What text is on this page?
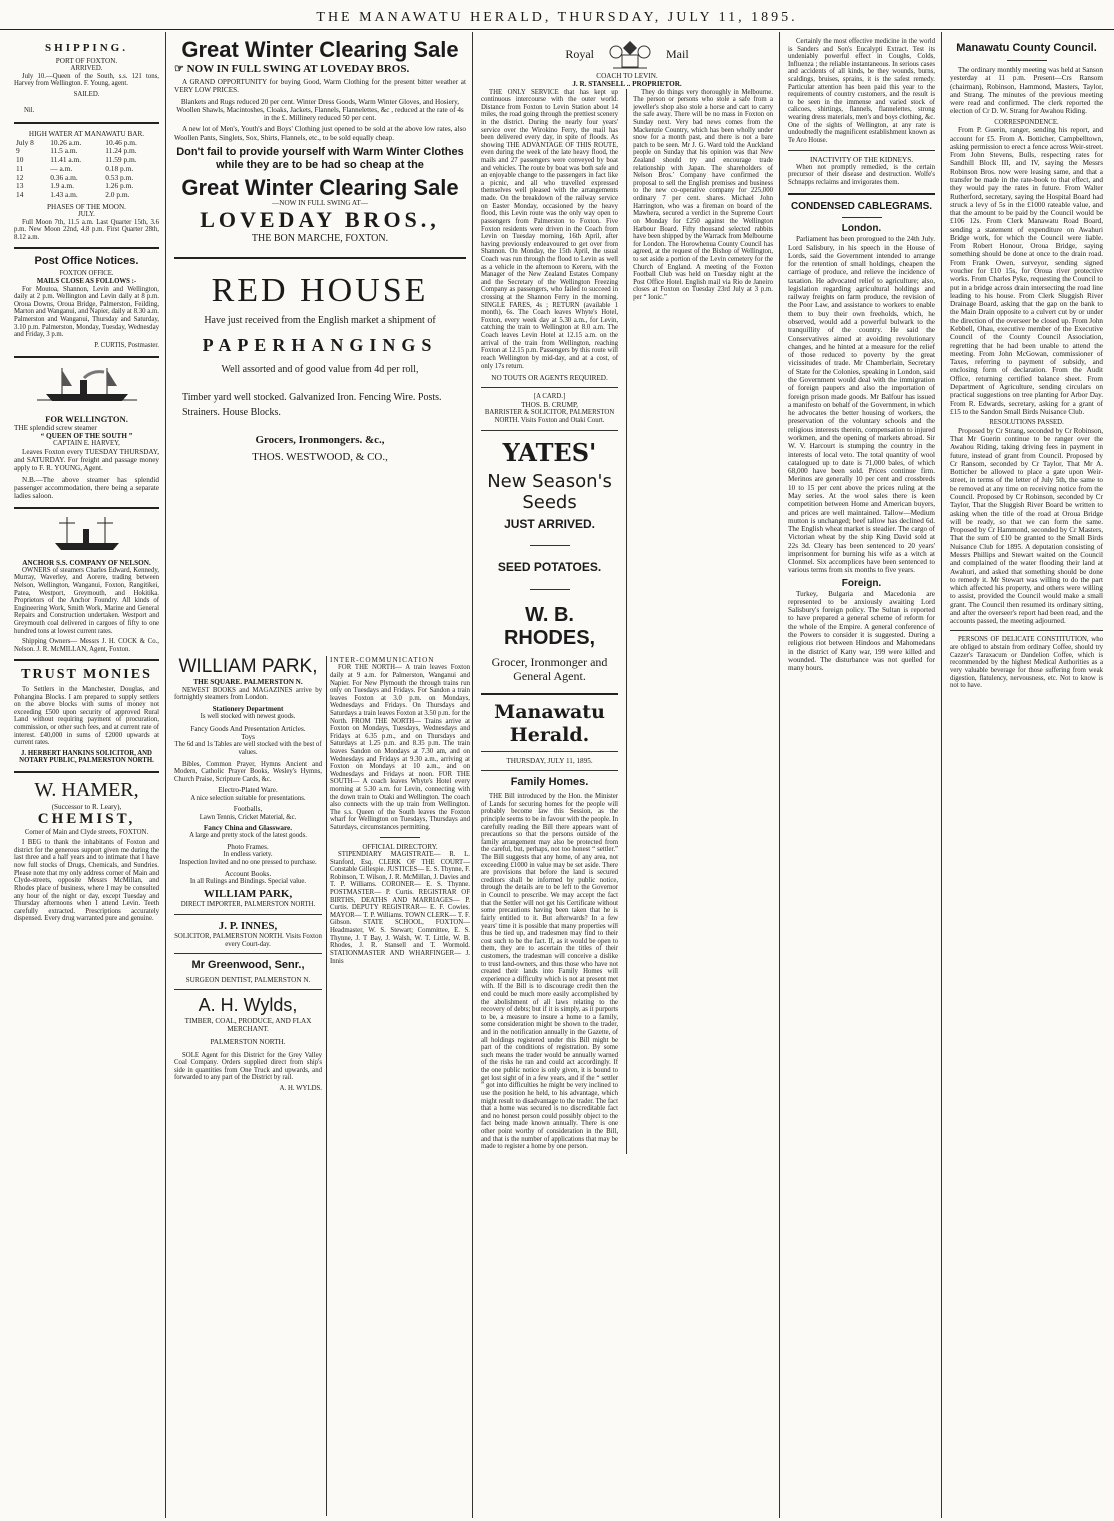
THE MANAWATU HERALD, THURSDAY, JULY 11, 1895.
SHIPPING.
PORT OF FOXTON.
ARRIVED.

July 10.—Queen of the South, s.s. 121 tons, Harvey from Wellington. F. Young, agent.

SAILED.
Nil.
HIGH WATER AT MANAWATU BAR.
July 8	10.26 a.m.	10.46 p.m.
9	11.5 a.m.	11.24 p.m.
10	11.41 a.m.	11.59 p.m.
11	— a.m.	0.18 p.m.
12	0.36 a.m.	0.53 p.m.
13	1.9 a.m.	1.26 p.m.
14	1.43 a.m.	2.0 p.m.
PHASES OF THE MOON.
JULY.

Full Moon 7th, 11.5 a.m. Last Quarter 15th, 3.6 p.m. New Moon 22nd, 4.8 p.m. First Quarter 28th, 8.12 a.m.

Post Office Notices.
FOXTON OFFICE.
MAILS CLOSE AS FOLLOWS :-

For Moutoa, Shannon, Levin and Wellington, daily at 2 p.m. Wellington and Levin daily at 8 p.m. Oroua Downs, Oroua Bridge, Palmerston, Feilding, Marton and Wanganui, and Napier, daily at 8.30 a.m. Palmerston and Wanganui, Thursday and Saturday, 3.10 p.m. Palmerston, Monday, Tuesday, Wednesday and Friday, 3 p.m.

P. CURTIS, Postmaster.
FOR WELLINGTON.
THE splendid screw steamer
“ QUEEN OF THE SOUTH ”
CAPTAIN E. HARVEY,

Leaves Foxton every TUESDAY THURSDAY, and SATURDAY. For freight and passage money apply to F. R. YOUNG, Agent.

N.B.—The above steamer has splendid passenger accommodation, there being a separate ladies saloon.

ANCHOR S.S. COMPANY OF NELSON.

OWNERS of steamers Charles Edward, Kennedy, Murray, Waverley, and Aorere, trading between Nelson, Wellington, Wanganui, Foxton, Rangitikei, Patea, Westport, Greymouth, and Hokitika. Proprietors of the Anchor Foundry. All kinds of Engineering Work, Smith Work, Marine and General Repairs and Construction undertaken. Westport and Greymouth coal delivered in cargoes of fifty to one hundred tons at lowest current rates.

Shipping Owners— Messrs J. H. COCK & Co., Nelson. J. R. McMILLAN, Agent, Foxton.

TRUST MONIES

To Settlers in the Manchester, Douglas, and Pohangina Blocks. I am prepared to supply settlers on the above blocks with sums of money not exceeding £500 upon security of approved Rural Land without requiring payment of procuration, commission, or other such fees, and at current rate of interest. £40,000 in sums of £2000 upwards at current rates.

J. HERBERT HANKINS SOLICITOR, AND NOTARY PUBLIC, PALMERSTON NORTH.
W. HAMER,
(Successor to R. Leary),
CHEMIST,
Corner of Main and Clyde streets, FOXTON.

I BEG to thank the inhabitants of Foxton and district for the generous support given me during the last three and a half years and to intimate that I have now full stocks of Drugs, Chemicals, and Sundries. Please note that my only address corner of Main and Clyde-streets, opposite Messrs McMillan, and Rhodes place of business, where I may be consulted any hour of the night or day, except Tuesday and Thursday afternoons when I attend Levin. Teeth carefully extracted. Prescriptions accurately dispensed. Every drug warranted pure and genuine.

Great Winter Clearing Sale
☞ NOW IN FULL SWING AT LOVEDAY BROS.

A GRAND OPPORTUNITY for buying Good, Warm Clothing for the present bitter weather at VERY LOW PRICES.

Blankets and Rugs reduced 20 per cent. Winter Dress Goods, Warm Winter Gloves, and Hosiery, Woollen Shawls, Macintoshes, Cloaks, Jackets, Flannels, Flannelettes, &c , reduced at the rate of 4s in the £. Millinery reduced 50 per cent.

A new lot of Men's, Youth's and Boys' Clothing just opened to be sold at the above low rates, also Woollen Pants, Singlets, Sox, Shirts, Flannels, etc., to be sold equally cheap.

Don't fail to provide yourself with Warm Winter Clothes while they are to be had so cheap at the
Great Winter Clearing Sale
—NOW IN FULL SWING AT—
LOVEDAY BROS.,
THE BON MARCHE, FOXTON.
RED HOUSE
Have just received from the English market a shipment of
PAPERHANGINGS
Well assorted and of good value from 4d per roll,
Timber yard well stocked. Galvanized Iron. Fencing Wire. Posts. Strainers. House Blocks.
Grocers, Ironmongers. &c.,
THOS. WESTWOOD, & CO.,
WILLIAM PARK,
THE SQUARE. PALMERSTON N.

NEWEST BOOKS and MAGAZINES arrive by fortnightly steamers from London.

Stationery Department
Is well stocked with newest goods.
Fancy Goods And Presentation Articles.
Toys
The 6d and 1s Tables are well stocked with the best of values.

Bibles, Common Prayer, Hymns Ancient and Modern, Catholic Prayer Books, Wesley's Hymns, Church Praise, Scripture Cards, &c.

Electro-Plated Ware.
A nice selection suitable for presentations.
Footballs,
Lawn Tennis, Cricket Material, &c.
Fancy China and Glassware.
A large and pretty stock of the latest goods.
Photo Frames.
In endless variety.
Inspection Invited and no one pressed to purchase.
Account Books.
In all Rulings and Bindings. Special value.
WILLIAM PARK,
DIRECT IMPORTER, PALMERSTON NORTH.
J. P. INNES,
SOLICITOR, PALMERSTON NORTH. Visits Foxton every Court-day.
Mr Greenwood, Senr.,
SURGEON DENTIST, PALMERSTON N.
A. H. Wylds,
TIMBER, COAL, PRODUCE, AND FLAX MERCHANT.
PALMERSTON NORTH.

SOLE Agent for this District for the Grey Valley Coal Company. Orders supplied direct from ship's side in quantities from One Truck and upwards, and forwarded to any part of the District by rail.

A. H. WYLDS.
INTER-COMMUNICATION

FOR THE NORTH— A train leaves Foxton daily at 9 a.m. for Palmerston, Wanganui and Napier. For New Plymouth the through trains run only on Tuesdays and Fridays. For Sandon a train leaves Foxton at 3.0 p.m. on Mondays, Wednesdays and Fridays. On Thursdays and Saturdays a train leaves Foxton at 3.50 p.m. for the North. FROM THE NORTH— Trains arrive at Foxton on Mondays, Tuesdays, Wednesdays and Fridays at 6.35 p.m., and on Thursdays and Saturdays at 1.25 p.m. and 8.35 p.m. The train leaves Sandon on Mondays at 7.30 am, and on Wednesdays and Fridays at 9.30 a.m., arriving at Foxton on Mondays at 10 a.m., and on Wednesdays and Fridays at noon. FOR THE SOUTH— A coach leaves Whyte's Hotel every morning at 5.30 a.m. for Levin, connecting with the down train to Otaki and Wellington. The coach also connects with the up train from Wellington. The s.s. Queen of the South leaves the Foxton wharf for Wellington on Tuesdays, Thursdays and Saturdays, circumstances permitting.

OFFICIAL DIRECTORY.

STIPENDIARY MAGISTRATE— R. L. Stanford, Esq. CLERK OF THE COURT— Constable Gillespie. JUSTICES— E. S. Thynne, F. Robinson, T. Wilson, J. R. McMillan, J. Davies and T. P. Williams. CORONER— E. S. Thynne. POSTMASTER— P. Curtis. REGISTRAR OF BIRTHS, DEATHS AND MARRIAGES— P. Curtis. DEPUTY REGISTRAR— E. F. Cowies. MAYOR— T. P. Williams. TOWN CLERK— T. F. Gibson. STATE SCHOOL, FOXTON— Headmaster, W. S. Stewart; Committee, E. S. Thynne, J. T Bay, J. Walsh, W. T. Little, W. B. Rhodes, J. R. Stansell and T. Wormold. STATIONMASTER AND WHARFINGER— J. Innis

Royal	Mail
COACH TO LEVIN.
J. R. STANSELL .. PROPRIETOR.

THE ONLY SERVICE that has kept up continuous intercourse with the outer world. Distance from Foxton to Levin Station about 14 miles, the road going through the prettiest scenery in the district. During the nearly four years' service over the Wirokino Ferry, the mail has been delivered every day, in spite of floods. As showing THE ADVANTAGE OF THIS ROUTE, even during the week of the late heavy flood, the mails and 27 passengers were conveyed by boat and vehicles. The route by boat was both safe and an enjoyable change to the passengers in fact like a picnic, and all who travelled expressed themselves well pleased with the arrangements made. On the breakdown of the railway service on Easter Monday, occasioned by the heavy flood, this Levin route was the only way open to passengers from Palmerston to Foxton. Five Foxton residents were driven in the Coach from Levin on Tuesday morning, 16th April, after having previously endeavoured to get over from Shannon. On Monday, the 15th April, the usual Coach was run through the flood to Levin as well as a vehicle in the afternoon to Kereru, with the Manager of the New Zealand Estates Company and the Secretary of the Wellington Freezing Company as passengers, who failed to succeed in crossing at the Shannon Ferry in the morning. SINGLE FARES, 4s ; RETURN (available 1 month), 6s. The Coach leaves Whyte's Hotel, Foxton, every week day at 5.30 a.m., for Levin, catching the train to Wellington at 8.0 a.m. The Coach leaves Levin Hotel at 12.15 a.m. on the arrival of the train from Wellington, reaching Foxton at 12.15 p.m. Passengers by this route will reach Wellington by mid-day, and at a cost, of only 17s return.

NO TOUTS OR AGENTS REQUIRED.
[A CARD.]
THOS. B. CRUMP,
BARRISTER & SOLICITOR, PALMERSTON NORTH. Visits Foxton and Otaki Court.
YATES'
New Season's Seeds
JUST ARRIVED.
SEED POTATOES.
W. B. RHODES,
Grocer, Ironmonger and General Agent.
Manawatu Herald.
THURSDAY, JULY 11, 1895.
Family Homes.

THE Bill introduced by the Hon. the Minister of Lands for securing homes for the people will probably become law this Session, as the principle seems to be in favour with the people. In carefully reading the Bill there appears want of precautions so that the persons outside of the family arrangement may also be protected from the careful, but, perhaps, not too honest “ settler.” The Bill suggests that any home, of any area, not exceeding £1000 in value may be set aside. There are provisions that before the land is secured creditors shall be informed by public notice, through the details are to be left to the Governor in Council to prescribe. We may accept the fact that the Settler will not get his Certificate without some precautions having been taken that he is fairly entitled to it. But afterwards? In a few years' time it is possible that many properties will thus be tied up, and tradesmen may find to their cost such to be the fact. If, as it would be open to them, they are to ascertain the titles of their customers, the tradesman will conceive a dislike to trust land-owners, and thus those who have not created their lands into Family Homes will experience a difficulty which is not at present met with. If the Bill is to discourage credit then the end could be much more easily accomplished by the abolishment of all laws relating to the recovery of debts; but if it is simply, as it purports to be, a measure to insure a home to a family, some consideration might be shown to the trader, and in the notification annually in the Gazette, of all holdings registered under this Bill might be part of the conditions of registration. By some such means the trader would be annually warned of the risks he ran and could act accordingly. If the one public notice is only given, it is bound to get lost sight of in a few years, and if the “ settler ” got into difficulties he might be very inclined to use the position he held, to his advantage, which might result to disadvantage to the trader. The fact that a home was secured is no discreditable fact and no honest person could possibly object to the fact being made known annually. There is one other point worthy of consideration in the Bill, and that is the number of applications that may be made to register a home by one person.

They do things very thoroughly in Melbourne. The person or persons who stole a safe from a jeweller's shop also stole a horse and cart to carry the safe away. There will be no mass in Foxton on Sunday next. Very bad news comes from the Mackenzie Country, which has been wholly under snow for a month past, and there is not a bare patch to be seen. Mr J. G. Ward told the Auckland people on Sunday that his opinion was that New Zealand should try and encourage trade relationship with Japan. The shareholders of Nelson Bros.' Company have confirmed the proposal to sell the English premises and business to the new co-operative company for 225,000 ordinary 7 per cent. shares. Michael John Harrington, who was a fireman on board of the Mawhera, secured a verdict in the Supreme Court on Monday for £250 against the Wellington Harbour Board. Fifty thousand selected rabbits have been shipped by the Warrack from Melbourne for London. The Horowhenua County Council has agreed, at the request of the Bishop of Wellington, to set aside a portion of the Levin cemetery for the Church of England. A meeting of the Foxton Football Club was held on Tuesday night at the Post Office Hotel. English mail via Rio de Janeiro closes at Foxton on Tuesday 23rd July at 3 p.m. per “ Ionic.”

Certainly the most effective medicine in the world is Sanders and Son's Eucalypti Extract. Test its undeniably powerful effect in Coughs, Colds, Influenza ; the reliable instantaneous. In serious cases and accidents of all kinds, be they wounds, burns, scaldings, bruises, sprains, it is the safest remedy. Particular attention has been paid this year to the requirements of country customers, and the result is to be seen in the immense and varied stock of calicoes, shirtings, flannels, flannelettes, strong wearing dress materials, men's and boys clothing, &c. One of the sights of Wellington, at any rate is undoubtedly the magnificent establishment known as Te Aro House.

INACTIVITY OF THE KIDNEYS.

When not promptly remedied, is the certain precursor of their disease and destruction. Wolfe's Schnapps reclaims and invigorates them.

CONDENSED CABLEGRAMS.
London.

Parliament has been prorogued to the 24th July. Lord Salisbury, in his speech in the House of Lords, said the Government intended to arrange for the retention of small holdings, cheapen the carriage of produce, and relieve the incidence of taxation. He advocated relief to agriculture; also, legislation regarding agricultural holdings and railway freights on farm produce, the revision of the Poor Law, and assistance to workers to enable them to buy their own freeholds, which, he observed, would add a powerful bulwark to the tranquillity of the country. He said the Conservatives aimed at avoiding revolutionary changes, and he hinted at a measure for the relief of those reduced to poverty by the great vicissitudes of trade. Mr Chamberlain, Secretary of State for the Colonies, speaking in London, said the Government would deal with the immigration of foreign paupers and also the importation of foreign prison made goods. Mr Balfour has issued a manifesto on behalf of the Government, in which he advocates the better housing of workers, the preservation of the voluntary schools and the religious interests therein, compensation to injured workmen, and the opening of markets abroad. Sir W. V. Harcourt is stumping the country in the interests of local veto. The total quantity of wool catalogued up to date is 71,000 bales, of which 68,000 have been sold. Prices continue firm. Merinos are generally 10 per cent and crossbreds 10 to 15 per cent above the prices ruling at the May series. At the wool sales there is keen competition between Home and American buyers, and prices are well maintained. Tallow—Medium mutton is unchanged; beef tallow has declined 6d. The English wheat market is steadier. The cargo of Victorian wheat by the ship King David sold at 22s 3d. Cleary has been sentenced to 20 years' imprisonment for burning his wife as a witch at Clonmel. Six accomplices have been sentenced to various terms from six months to five years.

Foreign.

Turkey, Bulgaria and Macedonia are represented to be anxiously awaiting Lord Salisbury's foreign policy. The Sultan is reported to have prepared a general scheme of reform for the whole of the Empire. A general conference of the Powers to consider it is suggested. During a religious riot between Hindoos and Mahomedans in the district of Katty war, 199 were killed and wounded. The disturbance was not quelled for many hours.

Manawatu County Council.

The ordinary monthly meeting was held at Sanson yesterday at 11 p.m. Present—Crs Ransom (chairman), Robinson, Hammond, Masters, Taylor, and Strang. The minutes of the previous meeting were read and confirmed. The clerk reported the election of Cr D. W. Strang for Awahou Riding.

CORRESPONDENCE.

From P. Guerin, ranger, sending his report, and account for £5. From A. Botticher, Campbelltown, asking permission to erect a fence across Weir-street. From John Stevens, Bulls, respecting rates for Sandhill Block III, and IV, saying the Messrs Robinson Bros. now were leasing same, and that a transfer be made in the rate-book to that effect, and they would pay the rates in future. From Walter Rutherford, secretary, saying the Hospital Board had struck a levy of 5s in the £1000 rateable value, and that the amount to be paid by the Council would be £106 12s. From Clerk Manawatu Road Board, sending a statement of expenditure on Awahuri Bridge work, for which the Council were liable. From Robert Honour, Oroua Bridge, saying something should be done at once to the drain road. From Frank Owen, surveyor, sending signed voucher for £10 15s, for Oroua river protective works. From Charles Pyke, requesting the Council to put in a bridge across drain intersecting the road line leading to his house. From Clerk Sluggish River Drainage Board, asking that the gap on the bank to the Main Drain opposite to a culvert cut by or under the direction of the overseer be closed up. From John Kebbell, Ohau, executive member of the Executive Council of the County Council Association, regretting that he had been unable to attend the meeting. From John McGowan, commissioner of Taxes, referring to payment of subsidy, and enclosing form of declaration. From the Audit Office, returning certified balance sheet. From Department of Agriculture, sending circulars on practical suggestions on tree planting for Arbor Day. From R. Edwards, secretary, asking for a grant of £15 to the Sandon Small Birds Nuisance Club.

RESOLUTIONS PASSED.

Proposed by Cr Strang, seconded by Cr Robinson, That Mr Guerin continue to be ranger over the Awahou Riding, taking driving fees in payment in future, instead of grant from Council. Proposed by Cr Ransom, seconded by Cr Taylor, That Mr A. Botticher be allowed to place a gate upon Weir-street, in terms of the letter of July 5th, the same to be removed at any time on receiving notice from the Council. Proposed by Cr Robinson, seconded by Cr Taylor, That the Sluggish River Board be written to asking when the title of the road at Oroua Bridge will be ready, so that we can form the same. Proposed by Cr Hammond, seconded by Cr Masters, That the sum of £10 be granted to the Small Birds Nuisance Club for 1895. A deputation consisting of Messrs Phillips and Stewart waited on the Council and complained of the water flooding their land at Awahuri, and asked that something should be done to remedy it. Mr Stewart was willing to do the part which affected his property, and others were willing to assist, provided the Council would make a small grant. The Council then resumed its ordinary sitting, and after the overseer's report had been read, and the accounts passed, the meeting adjourned.

PERSONS OF DELICATE CONSTITUTION, who are obliged to abstain from ordinary Coffee, should try Cazzer's Taraxacum or Dandelion Coffee, which is recommended by the highest Medical Authorities as a very valuable beverage for those suffering from weak digestion, flatulency, nervousness, etc. Not to know is not to have.
